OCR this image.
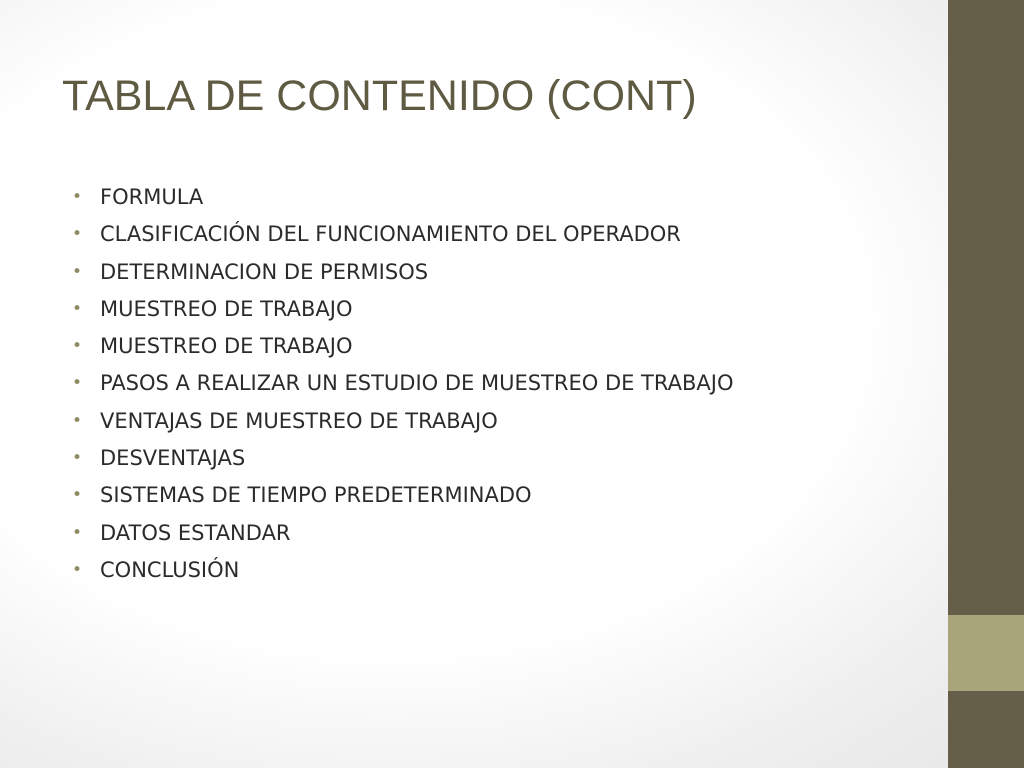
TABLA DE CONTENIDO (CONT)
• FORMULA
• CLASIFICACIÓN DEL FUNCIONAMIENTO DEL OPERADOR
• DETERMINACION DE PERMISOS
• MUESTREO DE TRABAJO
• MUESTREO DE TRABAJO
• PASOS A REALIZAR UN ESTUDIO DE MUESTREO DE TRABAJO
• VENTAJAS DE MUESTREO DE TRABAJO
• DESVENTAJAS
• SISTEMAS DE TIEMPO PREDETERMINADO
• DATOS ESTANDAR
• CONCLUSIÓN
